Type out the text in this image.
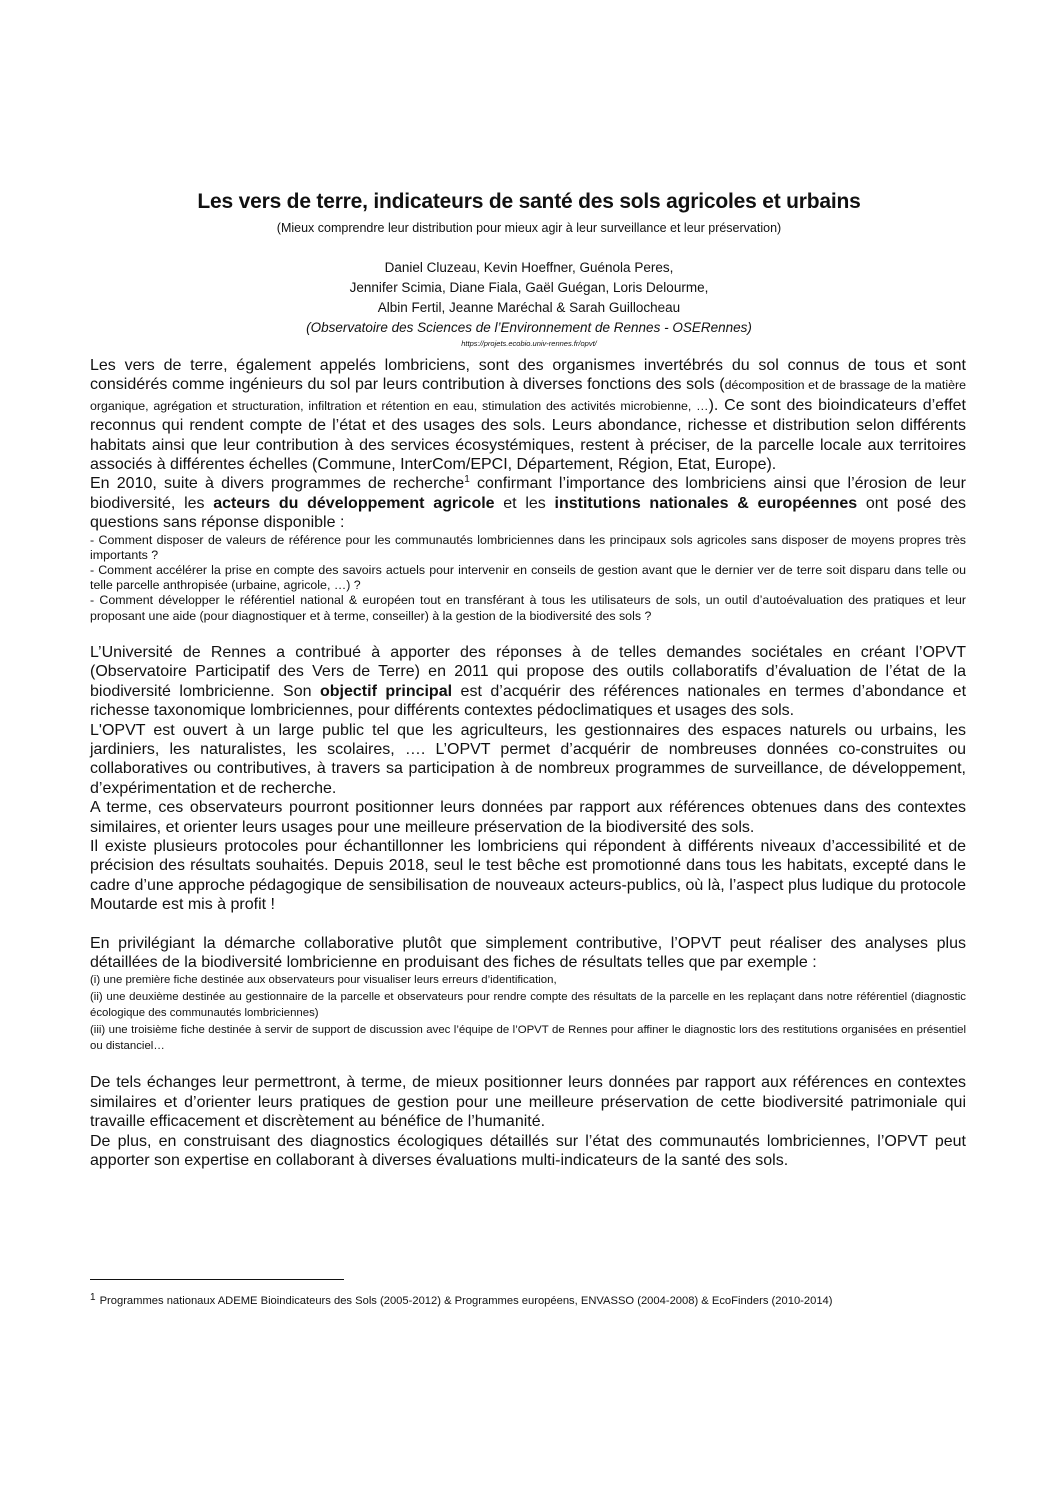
Les vers de terre, indicateurs de santé des sols agricoles et urbains

(Mieux comprendre leur distribution pour mieux agir à leur surveillance et leur préservation)

Daniel Cluzeau, Kevin Hoeffner, Guénola Peres,
Jennifer Scimia, Diane Fiala, Gaël Guégan, Loris Delourme,
Albin Fertil, Jeanne Maréchal & Sarah Guillocheau
(Observatoire des Sciences de l’Environnement de Rennes - OSERennes)
https://projets.ecobio.univ-rennes.fr/opvt/

Les vers de terre, également appelés lombriciens, sont des organismes invertébrés du sol connus de tous et sont considérés comme ingénieurs du sol par leurs contribution à diverses fonctions des sols (décomposition et de brassage de la matière organique, agrégation et structuration, infiltration et rétention en eau, stimulation des activités microbienne, …). Ce sont des bioindicateurs d’effet reconnus qui rendent compte de l’état et des usages des sols. Leurs abondance, richesse et distribution selon différents habitats ainsi que leur contribution à des services écosystémiques, restent à préciser, de la parcelle locale aux territoires associés à différentes échelles (Commune, InterCom/EPCI, Département, Région, Etat, Europe).

En 2010, suite à divers programmes de recherche$^1$ confirmant l’importance des lombriciens ainsi que l’érosion de leur biodiversité, les acteurs du développement agricole et les institutions nationales & européennes ont posé des questions sans réponse disponible :

- Comment disposer de valeurs de référence pour les communautés lombriciennes dans les principaux sols agricoles sans disposer de moyens propres très importants ?

- Comment accélérer la prise en compte des savoirs actuels pour intervenir en conseils de gestion avant que le dernier ver de terre soit disparu dans telle ou telle parcelle anthropisée (urbaine, agricole, …) ?

- Comment développer le référentiel national & européen tout en transférant à tous les utilisateurs de sols, un outil d’autoévaluation des pratiques et leur proposant une aide (pour diagnostiquer et à terme, conseiller) à la gestion de la biodiversité des sols ?

L’Université de Rennes a contribué à apporter des réponses à de telles demandes sociétales en créant l’OPVT (Observatoire Participatif des Vers de Terre) en 2011 qui propose des outils collaboratifs d’évaluation de l’état de la biodiversité lombricienne. Son objectif principal est d’acquérir des références nationales en termes d’abondance et richesse taxonomique lombriciennes, pour différents contextes pédoclimatiques et usages des sols.

L'OPVT est ouvert à un large public tel que les agriculteurs, les gestionnaires des espaces naturels ou urbains, les jardiniers, les naturalistes, les scolaires, …. L’OPVT permet d’acquérir de nombreuses données co-construites ou collaboratives ou contributives, à travers sa participation à de nombreux programmes de surveillance, de développement, d’expérimentation et de recherche.

A terme, ces observateurs pourront positionner leurs données par rapport aux références obtenues dans des contextes similaires, et orienter leurs usages pour une meilleure préservation de la biodiversité des sols.

Il existe plusieurs protocoles pour échantillonner les lombriciens qui répondent à différents niveaux d’accessibilité et de précision des résultats souhaités. Depuis 2018, seul le test bêche est promotionné dans tous les habitats, excepté dans le cadre d’une approche pédagogique de sensibilisation de nouveaux acteurs-publics, où là, l’aspect plus ludique du protocole Moutarde est mis à profit !

En privilégiant la démarche collaborative plutôt que simplement contributive, l’OPVT peut réaliser des analyses plus détaillées de la biodiversité lombricienne en produisant des fiches de résultats telles que par exemple :

(i) une première fiche destinée aux observateurs pour visualiser leurs erreurs d’identification,

(ii) une deuxième destinée au gestionnaire de la parcelle et observateurs pour rendre compte des résultats de la parcelle en les replaçant dans notre référentiel (diagnostic écologique des communautés lombriciennes)

(iii) une troisième fiche destinée à servir de support de discussion avec l’équipe de l’OPVT de Rennes pour affiner le diagnostic lors des restitutions organisées en présentiel ou distanciel…

De tels échanges leur permettront, à terme, de mieux positionner leurs données par rapport aux références en contextes similaires et d’orienter leurs pratiques de gestion pour une meilleure préservation de cette biodiversité patrimoniale qui travaille efficacement et discrètement au bénéfice de l’humanité.

De plus, en construisant des diagnostics écologiques détaillés sur l’état des communautés lombriciennes, l’OPVT peut apporter son expertise en collaborant à diverses évaluations multi-indicateurs de la santé des sols.

1 Programmes nationaux ADEME Bioindicateurs des Sols (2005-2012) & Programmes européens, ENVASSO (2004-2008) & EcoFinders (2010-2014)
